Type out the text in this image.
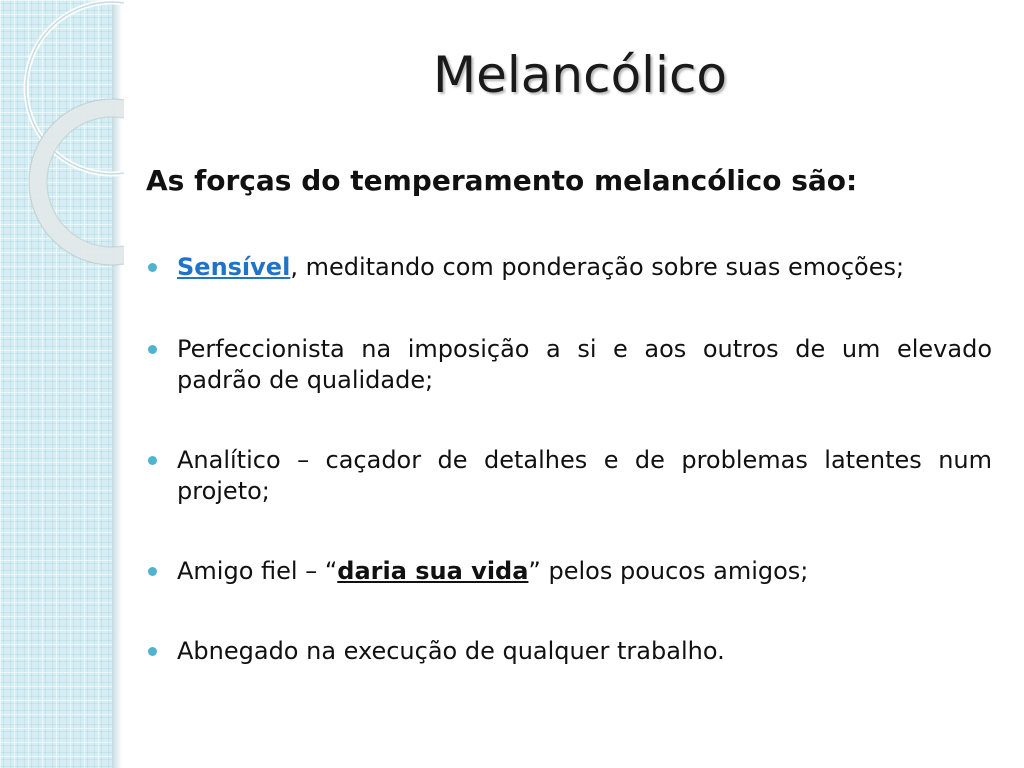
Melancólico
As forças do temperamento melancólico são:
Sensível, meditando com ponderação sobre suas emoções;
Perfeccionista na imposição a si e aos outros de um elevado padrão de qualidade;
Analítico – caçador de detalhes e de problemas latentes num projeto;
Amigo fiel – “daria sua vida” pelos poucos amigos;
Abnegado na execução de qualquer trabalho.
